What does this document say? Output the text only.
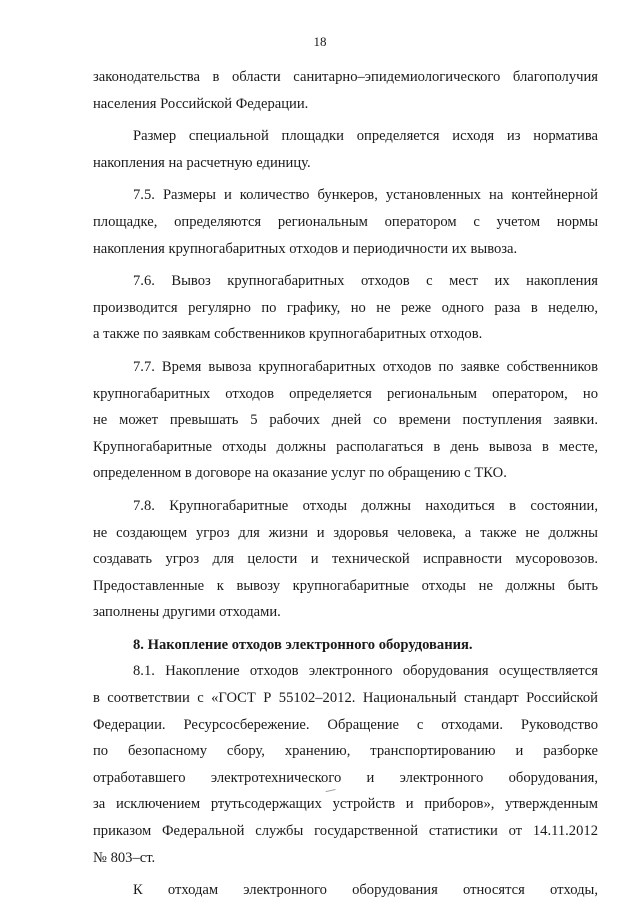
18
законодательства в области санитарно–эпидемиологического благополучия
населения Российской Федерации.
Размер специальной площадки определяется исходя из норматива
накопления на расчетную единицу.
7.5. Размеры и количество бункеров, установленных на контейнерной
площадке, определяются региональным оператором с учетом нормы
накопления крупногабаритных отходов и периодичности их вывоза.
7.6. Вывоз крупногабаритных отходов с мест их накопления
производится регулярно по графику, но не реже одного раза в неделю,
а также по заявкам собственников крупногабаритных отходов.
7.7. Время вывоза крупногабаритных отходов по заявке собственников
крупногабаритных отходов определяется региональным оператором, но
не может превышать 5 рабочих дней со времени поступления заявки.
Крупногабаритные отходы должны располагаться в день вывоза в месте,
определенном в договоре на оказание услуг по обращению с ТКО.
7.8. Крупногабаритные отходы должны находиться в состоянии,
не создающем угроз для жизни и здоровья человека, а также не должны
создавать угроз для целости и технической исправности мусоровозов.
Предоставленные к вывозу крупногабаритные отходы не должны быть
заполнены другими отходами.
8. Накопление отходов электронного оборудования.
8.1. Накопление отходов электронного оборудования осуществляется
в соответствии с «ГОСТ Р 55102–2012. Национальный стандарт Российской
Федерации. Ресурсосбережение. Обращение с отходами. Руководство
по безопасному сбору, хранению, транспортированию и разборке
отработавшего электротехнического и электронного оборудования,
за исключением ртутьсодержащих устройств и приборов», утвержденным
приказом Федеральной службы государственной статистики от 14.11.2012
№ 803–ст.
К отходам электронного оборудования относятся отходы,
